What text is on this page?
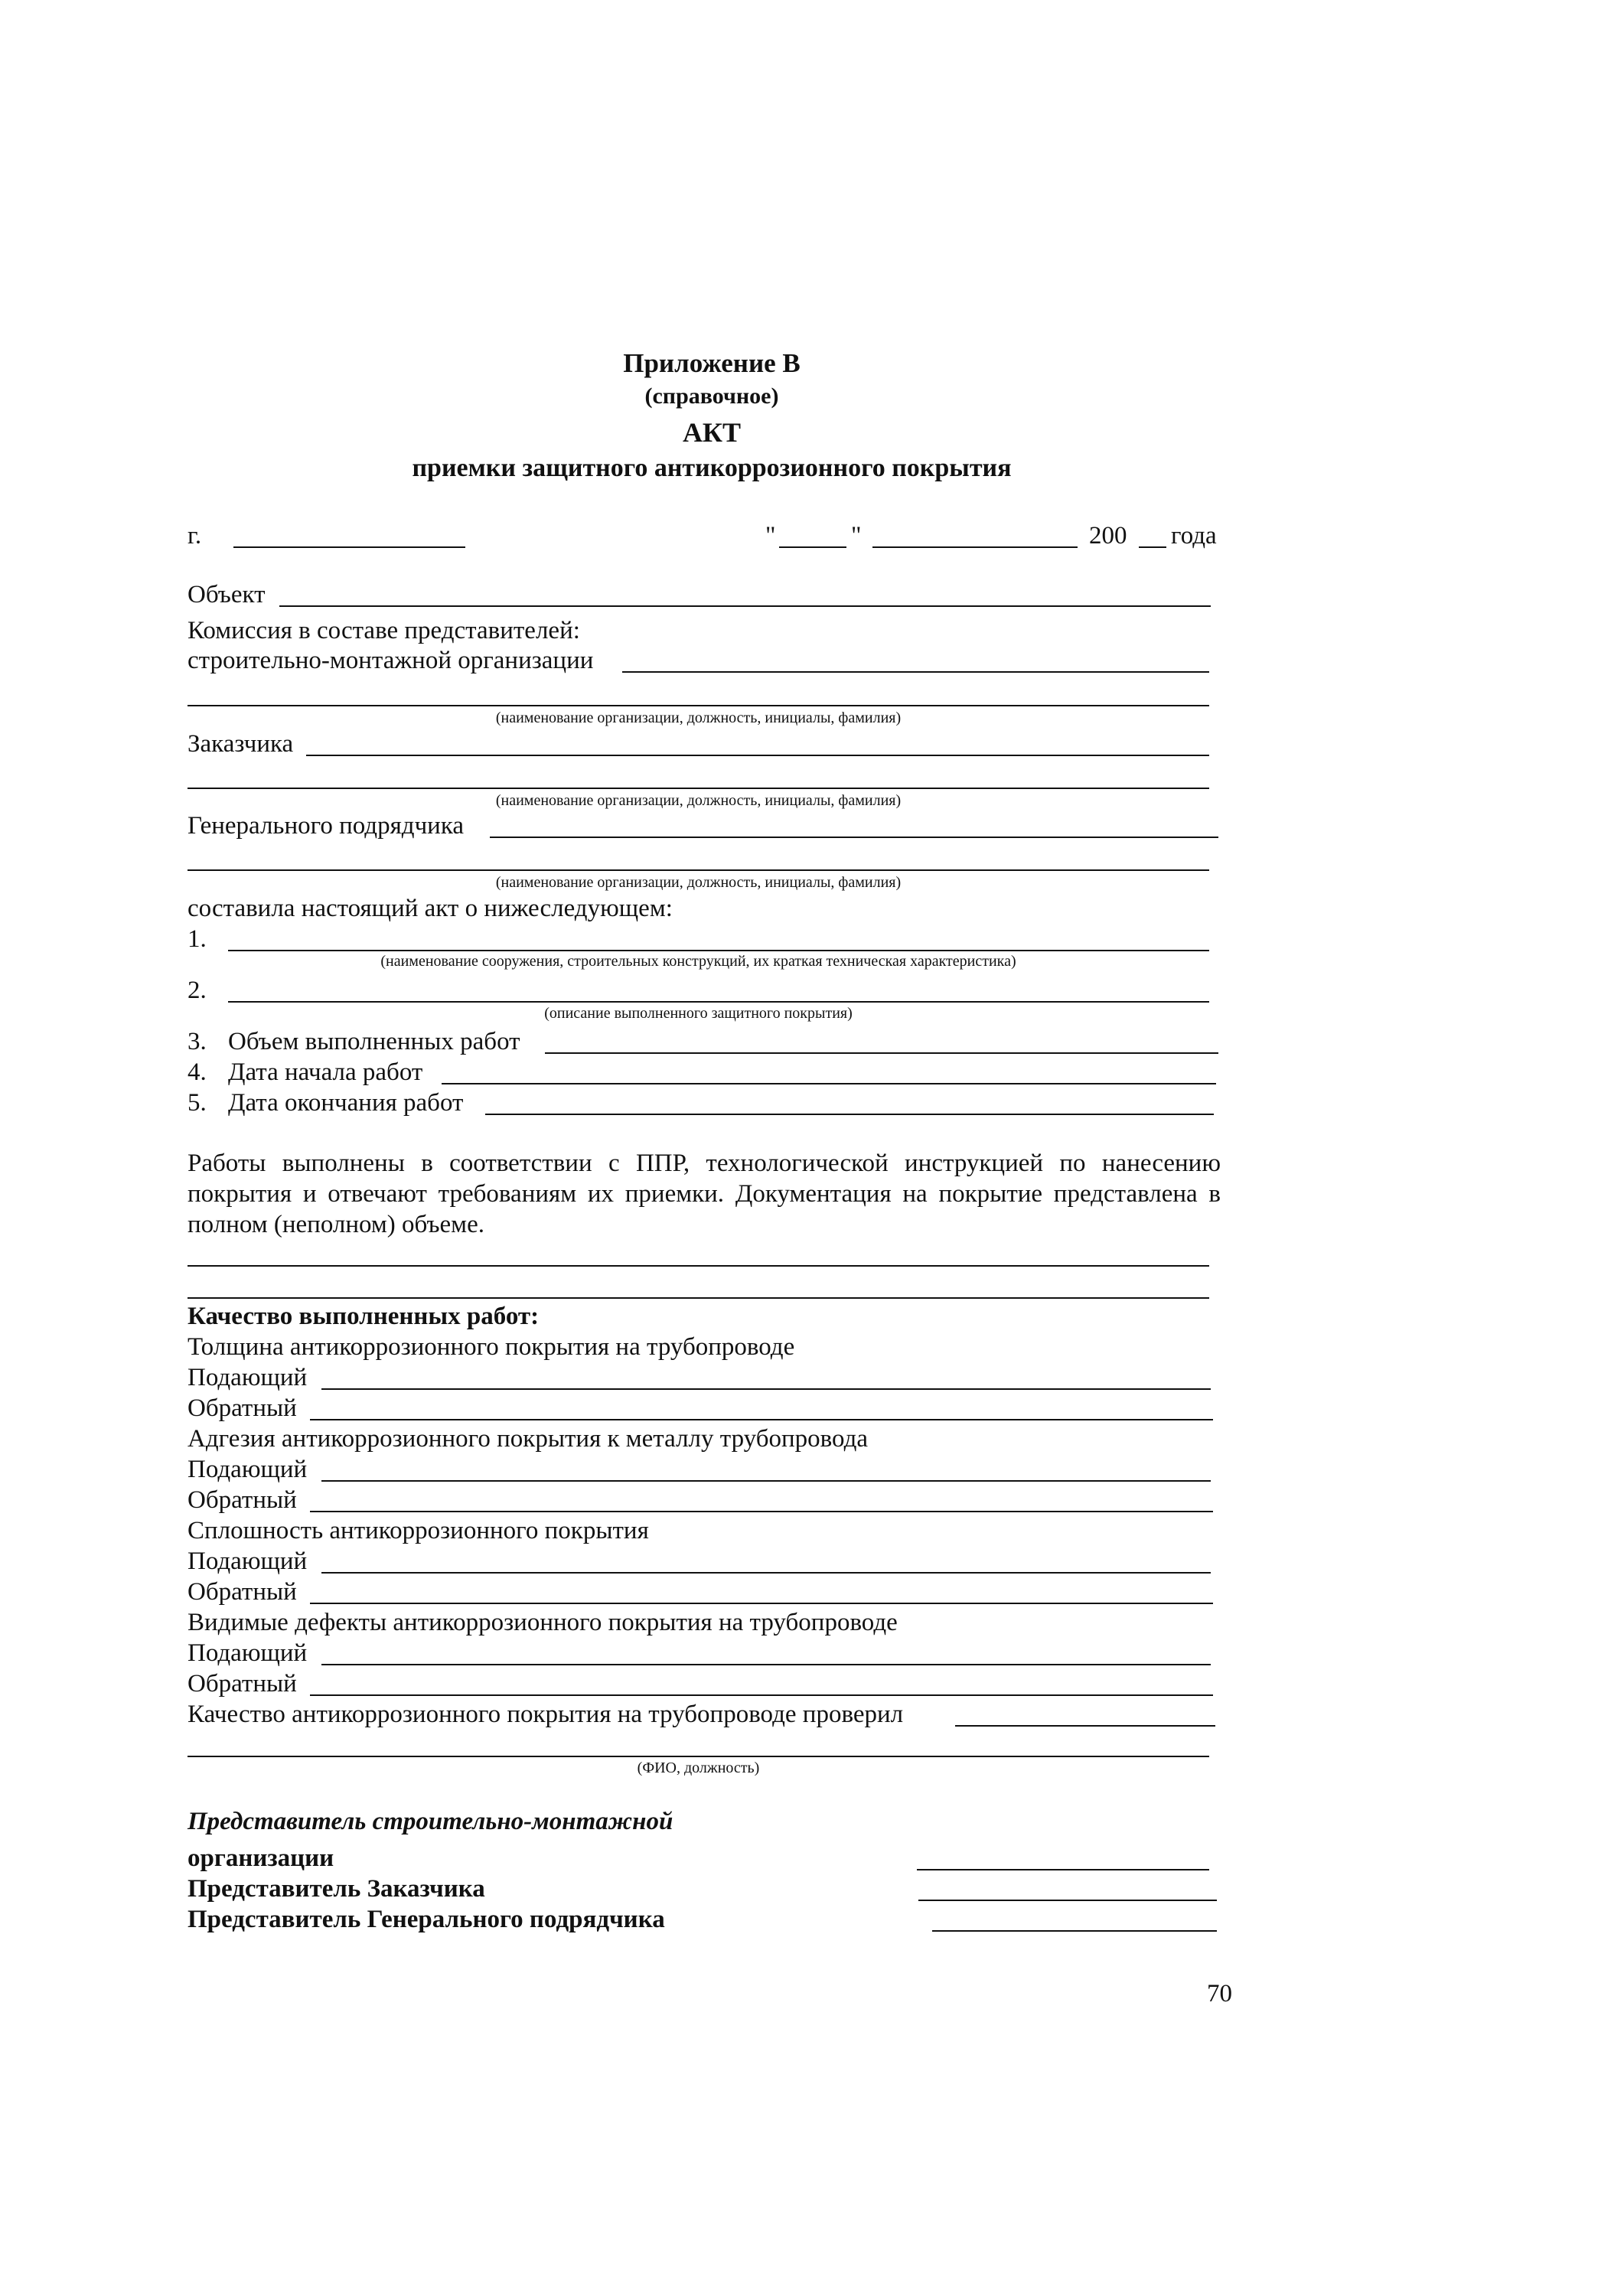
Приложение В
(справочное)
АКТ
приемки защитного антикоррозионного покрытия
г.	"	"	200 года
Объект
Комиссия в составе представителей:
строительно-монтажной организации
(наименование организации, должность, инициалы, фамилия)
Заказчика
(наименование организации, должность, инициалы, фамилия)
Генерального подрядчика
(наименование организации, должность, инициалы, фамилия)
составила настоящий акт о нижеследующем:
1.
(наименование сооружения, строительных конструкций, их краткая техническая характеристика)
2.
(описание выполненного защитного покрытия)
3. Объем выполненных работ
4. Дата начала работ
5. Дата окончания работ
Работы выполнены в соответствии с ППР, технологической инструкцией по нанесению покрытия и отвечают требованиям их приемки. Документация на покрытие представлена в полном (неполном) объеме.
Качество выполненных работ:
Толщина антикоррозионного покрытия на трубопроводе
Подающий
Обратный
Адгезия антикоррозионного покрытия к металлу трубопровода
Подающий
Обратный
Сплошность антикоррозионного покрытия
Подающий
Обратный
Видимые дефекты антикоррозионного покрытия на трубопроводе
Подающий
Обратный
Качество антикоррозионного покрытия на трубопроводе проверил
(ФИО, должность)
Представитель строительно-монтажной
организации
Представитель Заказчика
Представитель Генерального подрядчика
70
